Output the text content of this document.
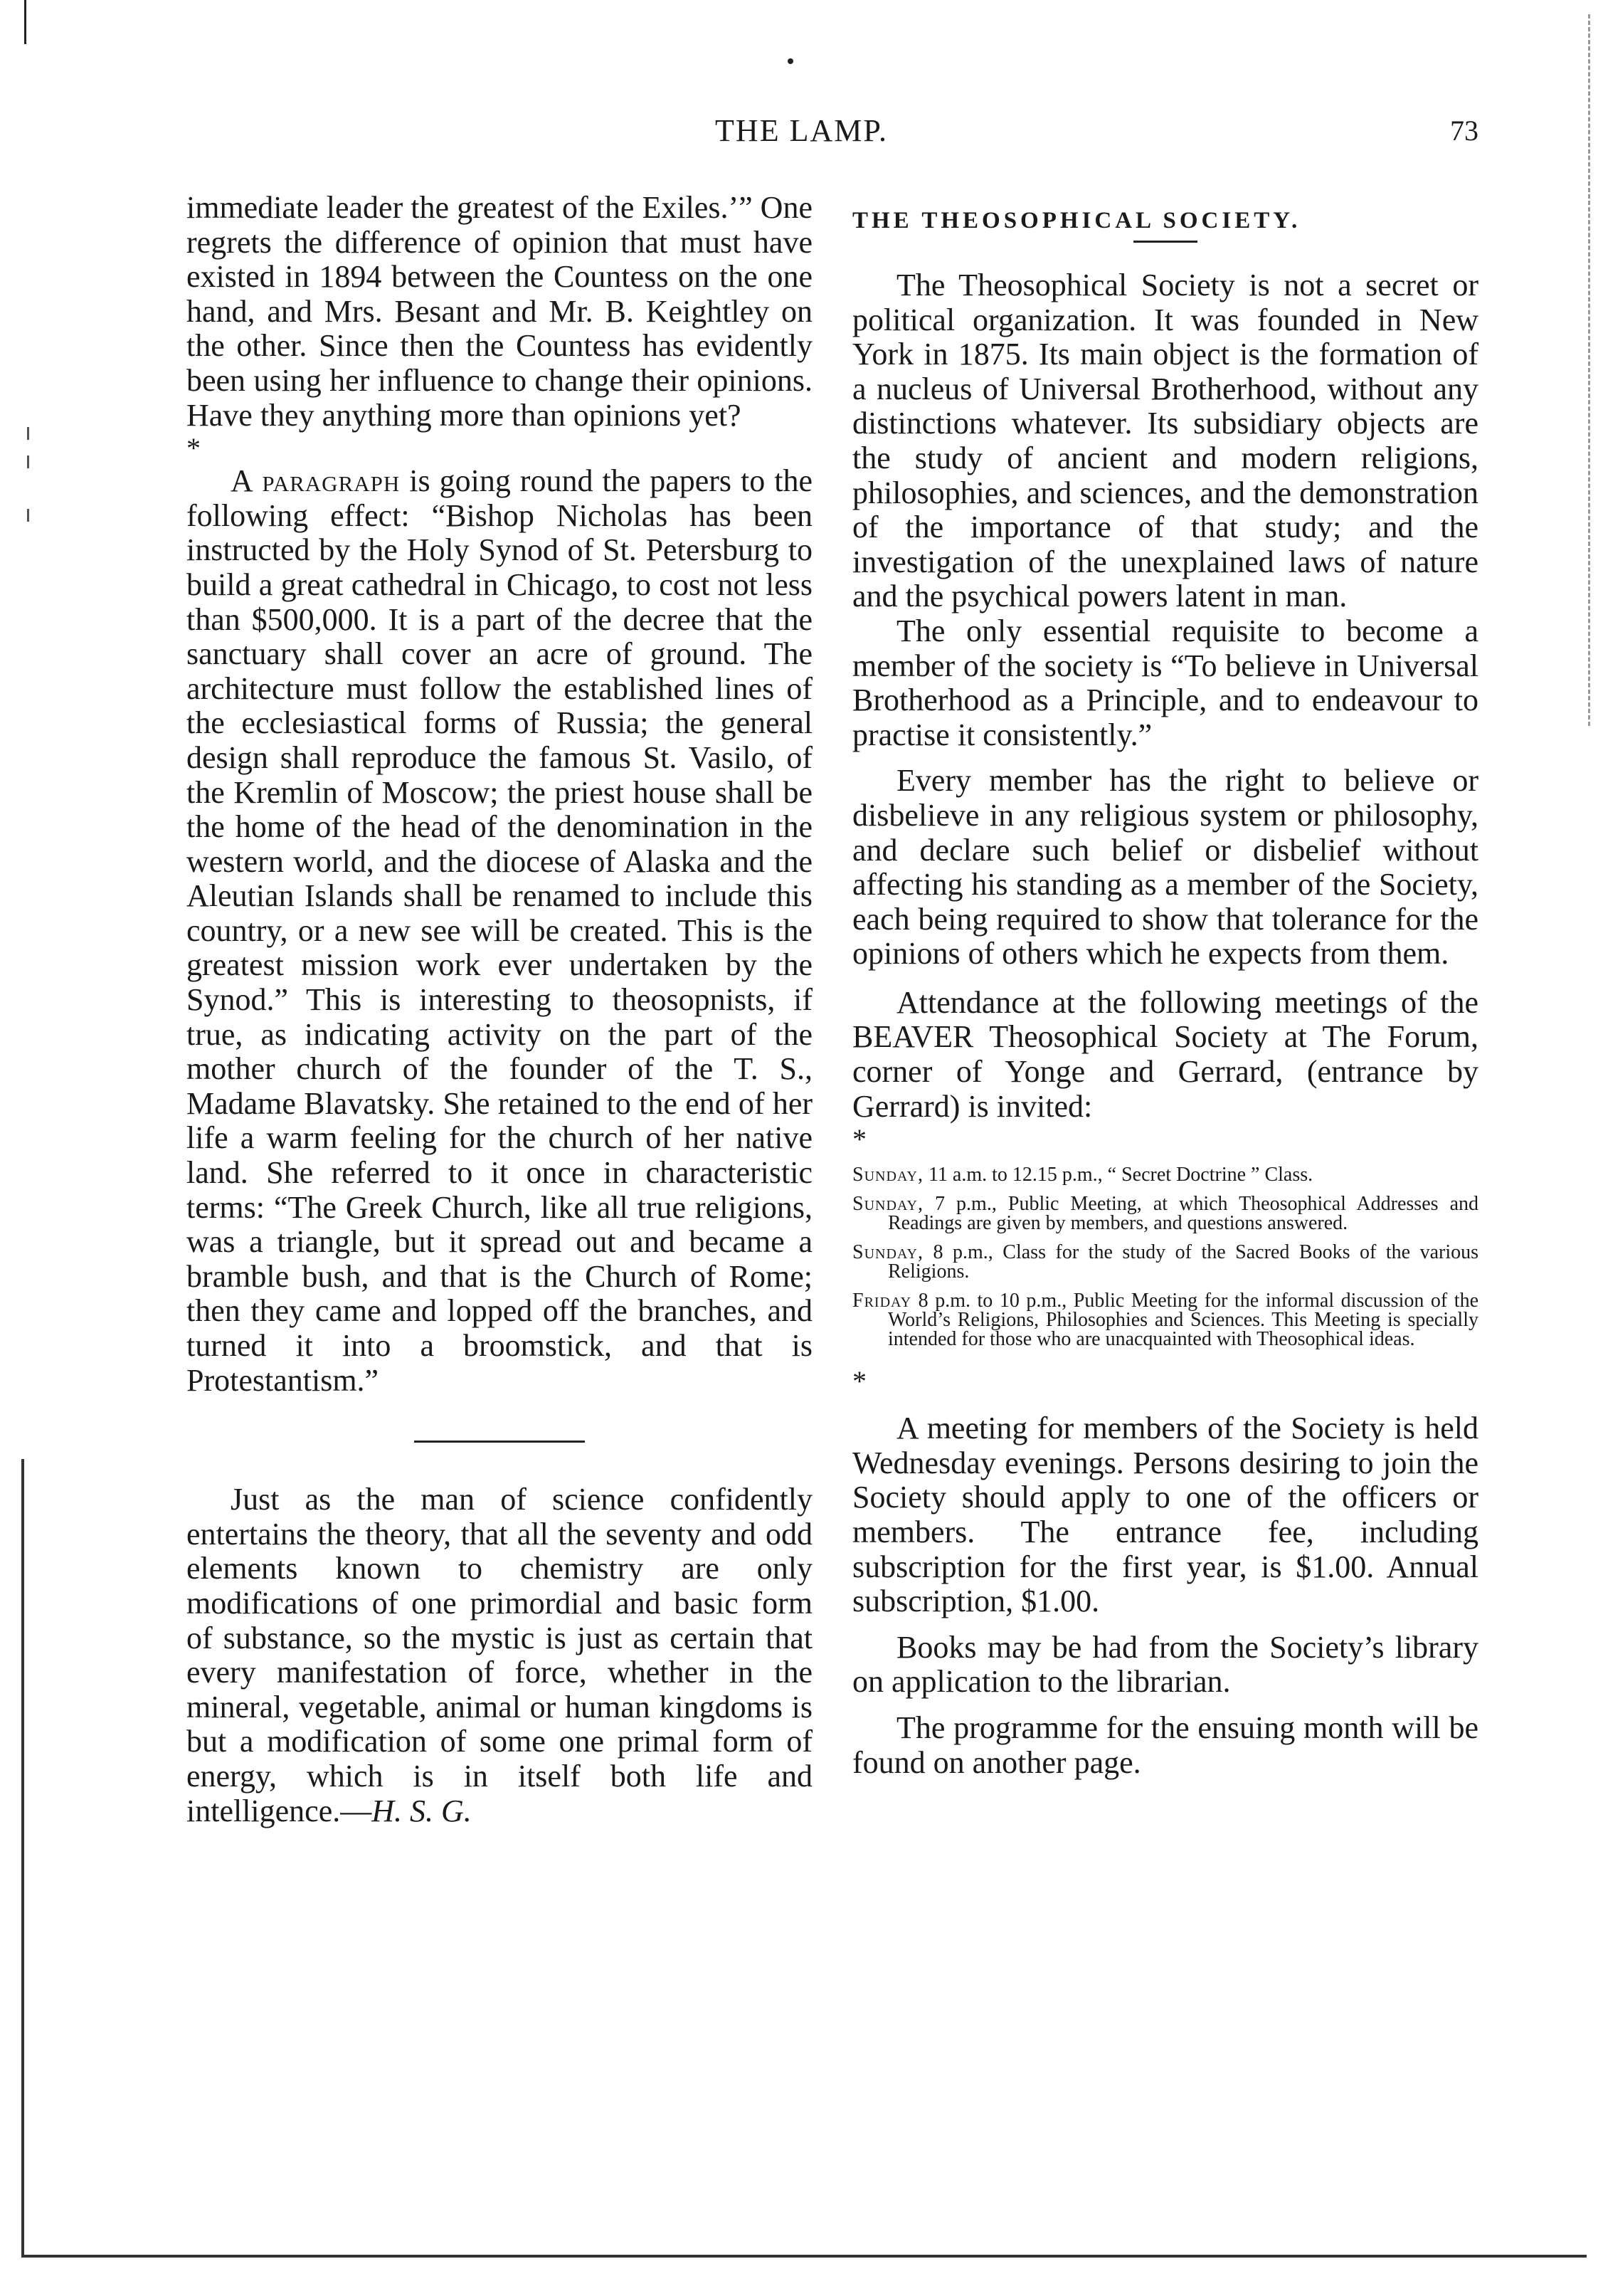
THE LAMP.	73

immediate leader the greatest of the Exiles.’” One regrets the difference of opinion that must have existed in 1894 between the Countess on the one hand, and Mrs. Besant and Mr. B. Keightley on the other. Since then the Countess has evidently been using her influence to change their opinions. Have they anything more than opinions yet?

*

A paragraph is going round the papers to the following effect: “Bishop Nicholas has been instructed by the Holy Synod of St. Petersburg to build a great cathedral in Chicago, to cost not less than $500,000. It is a part of the decree that the sanctuary shall cover an acre of ground. The architecture must follow the established lines of the ecclesiastical forms of Russia; the general design shall reproduce the famous St. Vasilo, of the Kremlin of Moscow; the priest house shall be the home of the head of the denomination in the western world, and the diocese of Alaska and the Aleutian Islands shall be renamed to include this country, or a new see will be created. This is the greatest mission work ever undertaken by the Synod.” This is interesting to theosopnists, if true, as indicating activity on the part of the mother church of the founder of the T. S., Madame Blavatsky. She retained to the end of her life a warm feeling for the church of her native land. She referred to it once in characteristic terms: “The Greek Church, like all true religions, was a triangle, but it spread out and became a bramble bush, and that is the Church of Rome; then they came and lopped off the branches, and turned it into a broomstick, and that is Protestantism.”

Just as the man of science confidently entertains the theory, that all the seventy and odd elements known to chemistry are only modifications of one primordial and basic form of substance, so the mystic is just as certain that every manifestation of force, whether in the mineral, vegetable, animal or human kingdoms is but a modification of some one primal form of energy, which is in itself both life and intelligence.—H. S. G.

THE THEOSOPHICAL SOCIETY.

The Theosophical Society is not a secret or political organization. It was founded in New York in 1875. Its main object is the formation of a nucleus of Universal Brotherhood, without any distinctions whatever. Its subsidiary objects are the study of ancient and modern religions, philosophies, and sciences, and the demonstration of the importance of that study; and the investigation of the unexplained laws of nature and the psychical powers latent in man.

The only essential requisite to become a member of the society is “To believe in Universal Brotherhood as a Principle, and to endeavour to practise it consistently.”

Every member has the right to believe or disbelieve in any religious system or philosophy, and declare such belief or disbelief without affecting his standing as a member of the Society, each being required to show that tolerance for the opinions of others which he expects from them.

Attendance at the following meetings of the BEAVER Theosophical Society at The Forum, corner of Yonge and Gerrard, (entrance by Gerrard) is invited:

*

Sunday, 11 a.m. to 12.15 p.m., “ Secret Doctrine ” Class.

Sunday, 7 p.m., Public Meeting, at which Theosophical Addresses and Readings are given by members, and questions answered.

Sunday, 8 p.m., Class for the study of the Sacred Books of the various Religions.

Friday 8 p.m. to 10 p.m., Public Meeting for the informal discussion of the World’s Religions, Philosophies and Sciences. This Meeting is specially intended for those who are unacquainted with Theosophical ideas.

*

A meeting for members of the Society is held Wednesday evenings. Persons desiring to join the Society should apply to one of the officers or members. The entrance fee, including subscription for the first year, is $1.00. Annual subscription, $1.00.

Books may be had from the Society’s library on application to the librarian.

The programme for the ensuing month will be found on another page.
